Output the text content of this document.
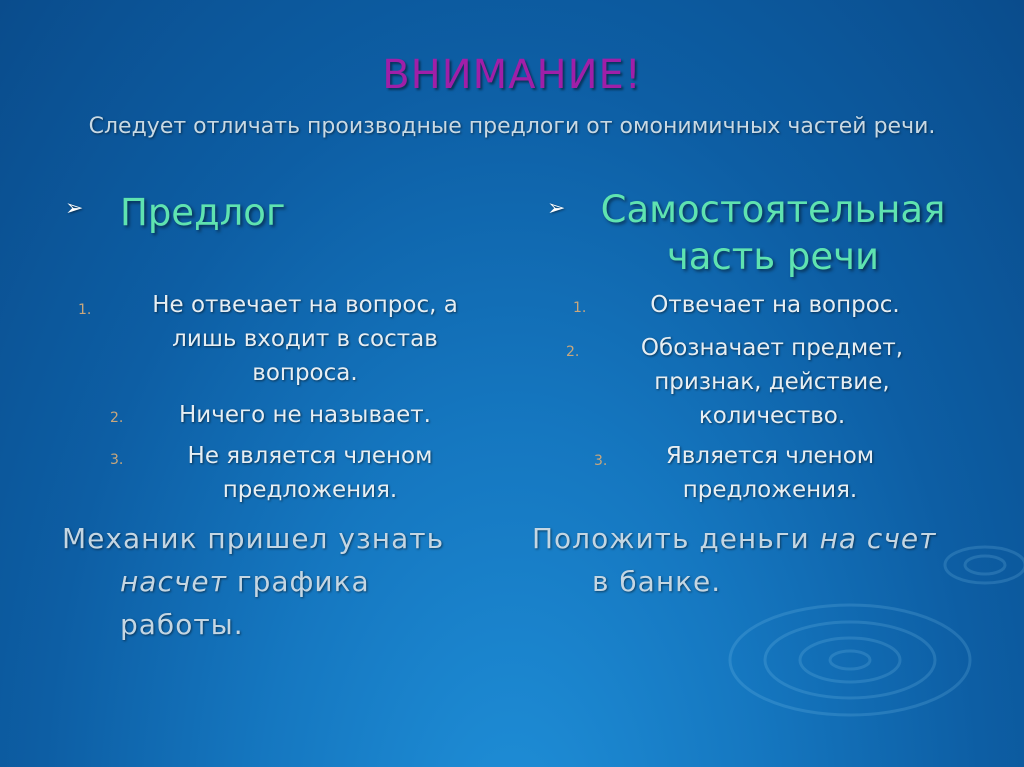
ВНИМАНИЕ!
Следует отличать производные предлоги от омонимичных частей речи.
➢ Предлог
1.	Не отвечает на вопрос, а лишь входит в состав вопроса.
2.	Ничего не называет.
3.	Не является членом предложения.
Механик пришел узнать
насчет графика
работы.
➢ Самостоятельная
часть речи
1.	Отвечает на вопрос.
2.	Обозначает предмет, признак, действие, количество.
3.	Является членом предложения.
Положить деньги на счет
в банке.
